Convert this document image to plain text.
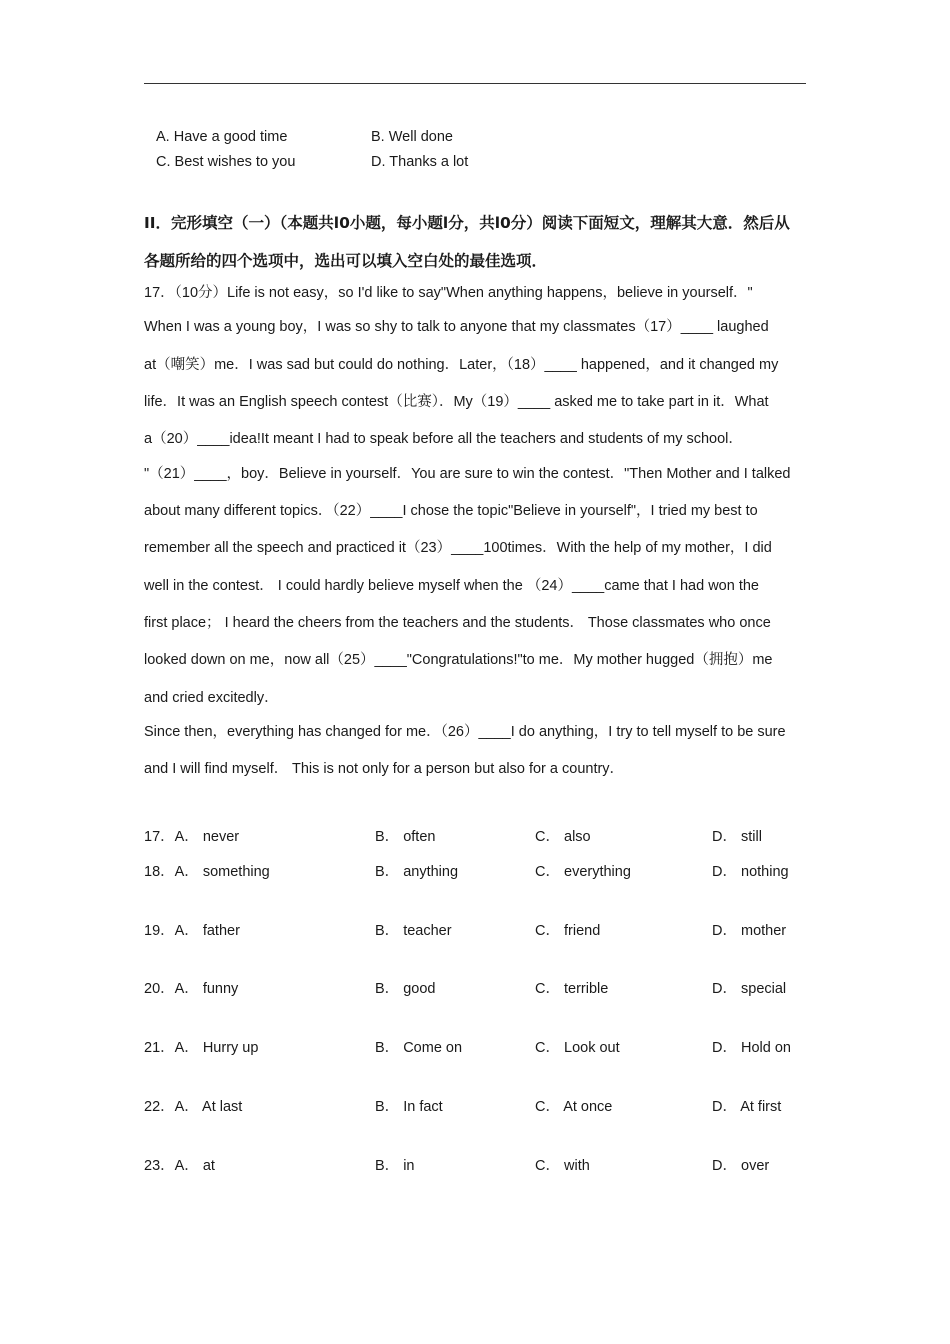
A. Have a good time	B. Well done
C. Best wishes to you	D. Thanks a lot
II．完形填空（一）（本题共l0小题，每小题l分，共l0分）阅读下面短文，理解其大意．然后从
各题所给的四个选项中，选出可以填入空白处的最佳选项．
17．（10分）Life is not easy，so I'd like to say"When anything happens，believe in yourself．"
When I was a young boy，I was so shy to talk to anyone that my classmates（17）____ laughed
at（嘲笑）me．I was sad but could do nothing．Later，（18）____ happened，and it changed my
life．It was an English speech contest（比赛）．My（19）____ asked me to take part in it．What
a（20）____idea!It meant I had to speak before all the teachers and students of my school．
"（21）____，boy．Believe in yourself．You are sure to win the contest．"Then Mother and I talked
about many different topics．（22）____I chose the topic"Believe in yourself"，I tried my best to
remember all the speech and practiced it（23）____100times．With the help of my mother，I did
well in the contest． I could hardly believe myself when the （24）____came that I had won the
first place； I heard the cheers from the teachers and the students． Those classmates who once
looked down on me，now all（25）____"Congratulations!"to me．My mother hugged（拥抱）me
and cried excitedly．
Since then，everything has changed for me．（26）____I do anything，I try to tell myself to be sure
and I will find myself． This is not only for a person but also for a country．
17．A． never	B． often	C． also	D． still
18．A． something	B． anything	C． everything	D． nothing
19．A． father	B． teacher	C． friend	D． mother
20．A． funny	B． good	C． terrible	D． special
21．A． Hurry up	B． Come on	C． Look out	D． Hold on
22．A． At last	B． In fact	C． At once	D． At first
23．A． at	B． in	C． with	D． over
